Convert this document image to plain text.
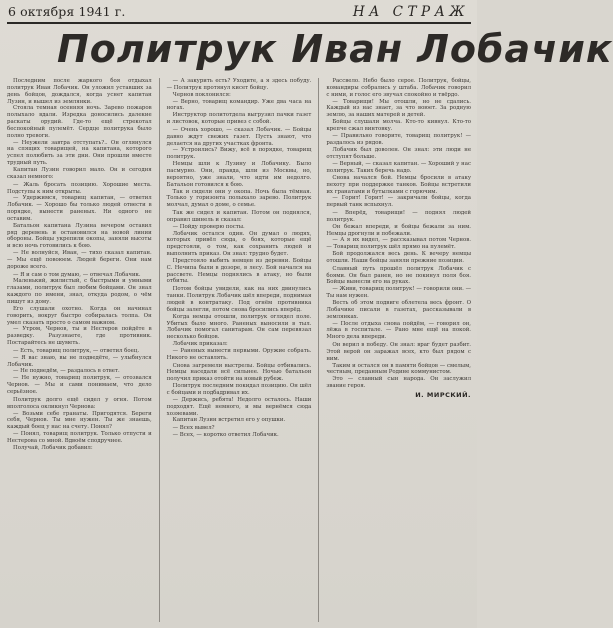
6 октября 1941 г.	НА СТРАЖ
Политрук Иван Лобачик

Последним после жаркого боя отдыхал политрук Иван Лобачик. Он уложил уставших за день бойцов, дождался, когда уснет капитан Лузин, и вышел из землянки.

Стояла темная осенняя ночь. Зарево пожаров полыхало вдали. Изредка доносились далекие раскаты орудий. Где-то ещё стрекотал беспокойный пулемёт. Сердце политрука было полно тревоги.

— Неужели завтра отступать?.. Он оглянулся на спящих товарищей, на капитана, которого успел полюбить за эти дни. Они прошли вместе трудный путь.

Капитан Лузин говорил мало. Он и сегодня сказал немного:

— Жаль бросать позицию. Хорошие места. Подступы к ним открыты.

— Удержимся, товарищ капитан, — ответил Лобачик. — Хорошо бы только людей отвести в порядке, вынести раненых. Ни одного не оставим.

Батальон капитана Лузина вечером оставил ряд деревень и остановился на новой линии обороны. Бойцы укрепили окопы, заняли высоты и всю ночь готовились к бою.

— Не волнуйся, Иван, — тихо сказал капитан. — Мы ещё повоюем. Людей береги. Они нам дороже всего.

— Я и сам о том думаю, — отвечал Лобачик.

Маленький, жилистый, с быстрыми и умными глазами, политрук был любим бойцами. Он знал каждого по имени, знал, откуда родом, о чём пишут из дому.

Его слушали охотно. Когда он начинал говорить, вокруг быстро собиралась толпа. Он умел сказать просто о самом важном.

— Утром, Чернов, ты и Нестеров пойдёте в разведку. Разузнаете, где противник. Постарайтесь не шуметь.

— Есть, товарищ политрук, — ответил боец.

— Я вас знаю, вы не подведёте, — улыбнулся Лобачик.

— Не подведём, — раздалось в ответ.

— Не нужно, товарищ политрук, — отозвался Чернов. — Мы и сами понимаем, что дело серьёзное.

Политрук долго ещё сидел у огня. Потом вполголоса окликнул Чернова:

— Возьми себе гранаты. Пригодятся. Береги себя, Чернов. Ты мне нужен. Ты же знаешь, каждый боец у нас на счету. Понял?

— Понял, товарищ политрук. Только отпусти и Нестерова со мной. Вдвоём сподручнее.

Получай, Лобачик добавил:

— А закурить есть? Уходите, а я здесь побуду. — Политрук протянул кисет бойцу.

Чернов поклонился:

— Верно, товарищ командир. Уже два часа на ногах.

Инструктор политотдела выгрузил пачки газет и листовок, которые привез с собой.

— Очень хорошо, — сказал Лобачик. — Бойцы давно ждут свежих газет. Пусть знают, что делается на других участках фронта.

— Устроились? Вижу, всё в порядке, товарищ политрук.

Немцы шли к Лузину и Лобачику. Было пасмурно. Они, правда, шли из Москвы, но, вероятно, уже знали, что идти им недолго. Батальон готовился к бою.

Так и сидели они у окопа. Ночь была тёмная. Только у горизонта полыхало зарево. Политрук молчал, думал о доме, о семье.

Так же сидел и капитан. Потом он поднялся, оправил шинель и сказал:

— Пойду проверю посты.

Лобачик остался один. Он думал о людях, которых привёл сюда, о боях, которые ещё предстояли, о том, как сохранить людей и выполнить приказ. Он знал: трудно будет.

Предстояло выбить немцев из деревни. Бойцы С. Нечипа были в дозоре, в лесу. Бой начался на рассвете. Немцы поднялись в атаку, но были отбиты.

Потом бойцы увидели, как на них двинулись танки. Политрук Лобачик шёл впереди, поднимая людей в контратаку. Под огнём противника бойцы залегли, потом снова бросились вперёд.

Когда немцы отошли, политрук оглядел поле. Убитых было много. Раненых выносили в тыл. Лобачик помогал санитарам. Он сам перевязал несколько бойцов.

Лобачик приказал:

— Раненых вынести первыми. Оружие собрать. Никого не оставлять.

Снова загремели выстрелы. Бойцы отбивались. Немцы наседали всё сильнее. Ночью батальон получил приказ отойти на новый рубеж.

Политрук последним покидал позицию. Он шёл с бойцами и подбадривал их.

— Держись, ребята! Недолго осталось. Наши подходят. Ещё немного, и мы вернёмся сюда хозяевами.

Капитан Лузин встретил его у опушки.

— Всех вывел?

— Всех, — коротко ответил Лобачик.

Рассвело. Небо было серое. Политрук, бойцы, командиры собрались у штаба. Лобачик говорил с ними, и голос его звучал спокойно и твёрдо.

— Товарищи! Мы отошли, но не сдались. Каждый из нас знает, за что воюет. За родную землю, за наших матерей и детей.

Бойцы слушали молча. Кто-то кивнул. Кто-то крепче сжал винтовку.

— Правильно говорите, товарищ политрук! — раздалось из рядов.

Лобачик был доволен. Он знал: эти люди не отступят больше.

— Верный, — сказал капитан. — Хороший у нас политрук. Таких беречь надо.

Снова начался бой. Немцы бросили в атаку пехоту при поддержке танков. Бойцы встретили их гранатами и бутылками с горючим.

— Горит! Горит! — закричали бойцы, когда первый танк вспыхнул.

— Вперёд, товарищи! — поднял людей политрук.

Он бежал впереди, и бойцы бежали за ним. Немцы дрогнули и побежали.

— А я их видел, — рассказывал потом Чернов. — Товарищ политрук шёл прямо на пулемёт.

Бой продолжался весь день. К вечеру немцы отошли. Наши бойцы заняли прежние позиции.

Славный путь прошёл политрук Лобачик с боями. Он был ранен, но не покинул поля боя. Бойцы вынесли его на руках.

— Живи, товарищ политрук! — говорили они. — Ты нам нужен.

Весть об этом подвиге облетела весь фронт. О Лобачике писали в газетах, рассказывали в землянках.

— После отдыха снова пойдём, — говорил он, лёжа в госпитале. — Рано мне ещё на покой. Много дела впереди.

Он верил в победу. Он знал: враг будет разбит. Этой верой он заражал всех, кто был рядом с ним.

Таким и остался он в памяти бойцов — смелым, честным, преданным Родине коммунистом.

Это — славный сын народа. Он заслужил звание героя.

И. МИРСКИЙ.
